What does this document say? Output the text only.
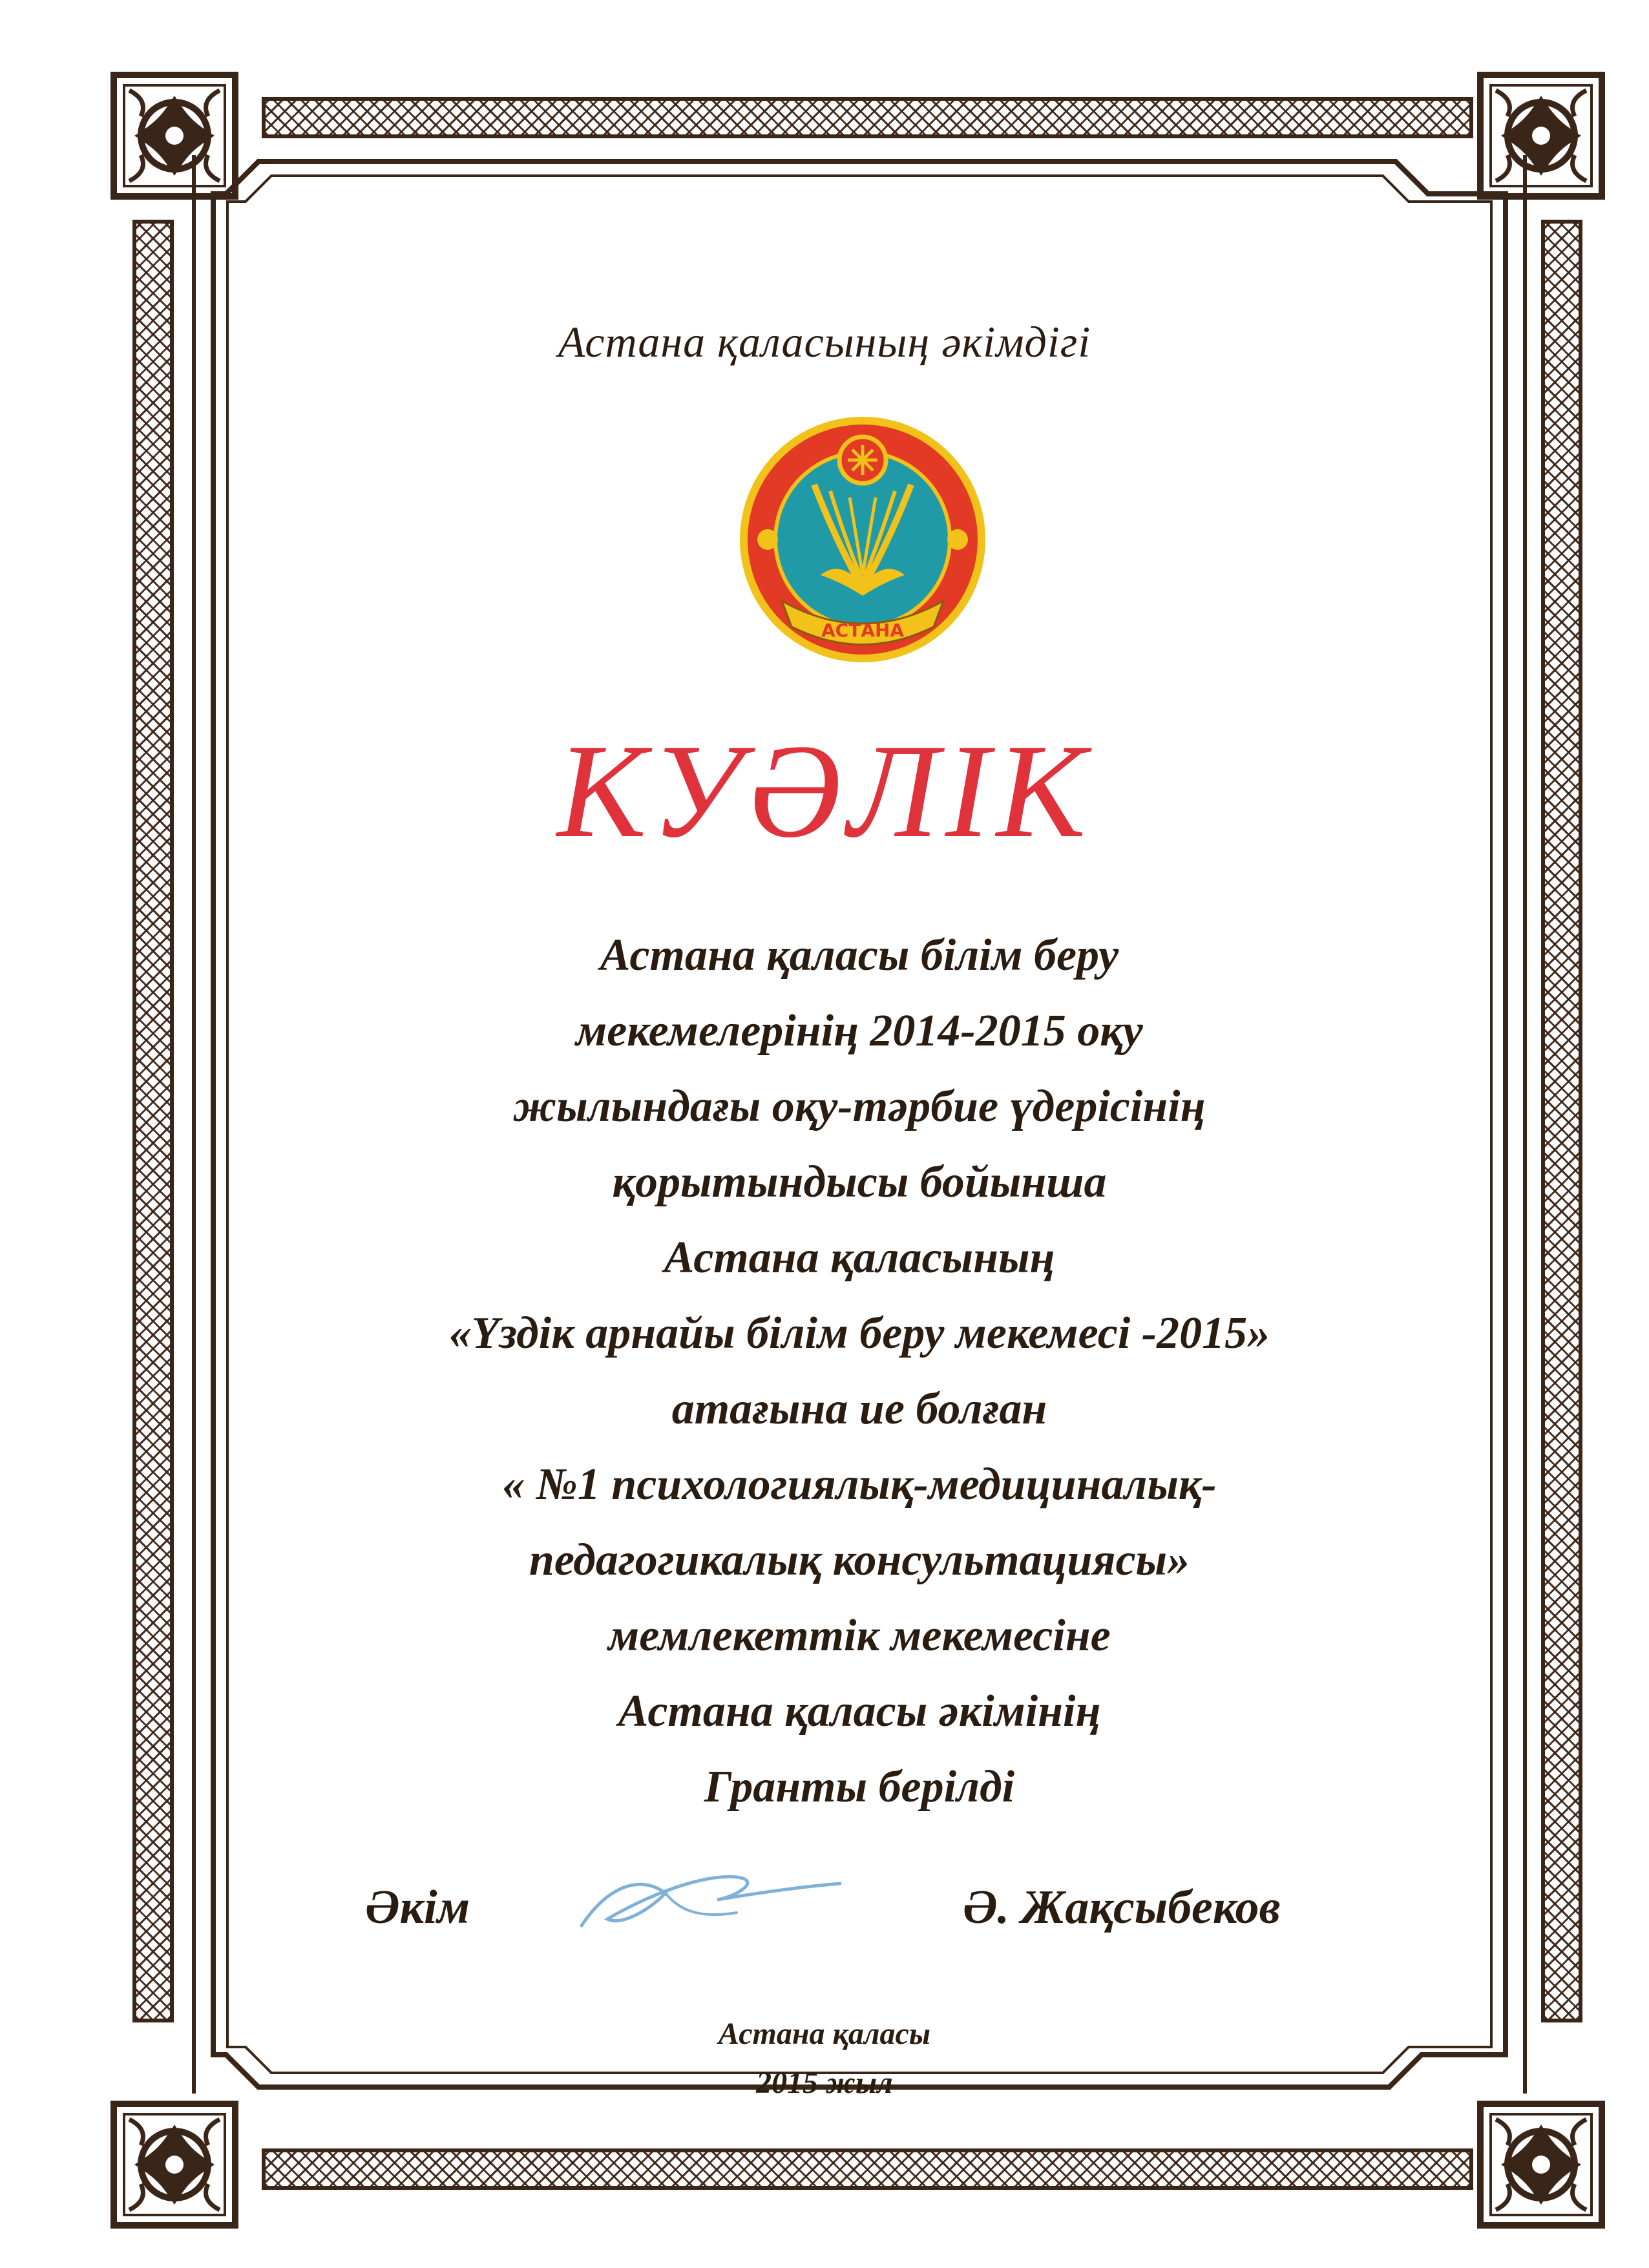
Астана қаласының әкімдігі
АСТАНА
КУӘЛІК
Астана қаласы білім беру
мекемелерінің 2014-2015 оқу
жылындағы оқу-тәрбие үдерісінің
қорытындысы бойынша
Астана қаласының
«Үздік арнайы білім беру мекемесі -2015»
атағына ие болған
« №1 психологиялық-медициналық-
педагогикалық консультациясы»
мемлекеттік мекемесіне
Астана қаласы әкімінің
Гранты берілді
Әкім	Ә. Жақсыбеков
Астана қаласы
2015 жыл
